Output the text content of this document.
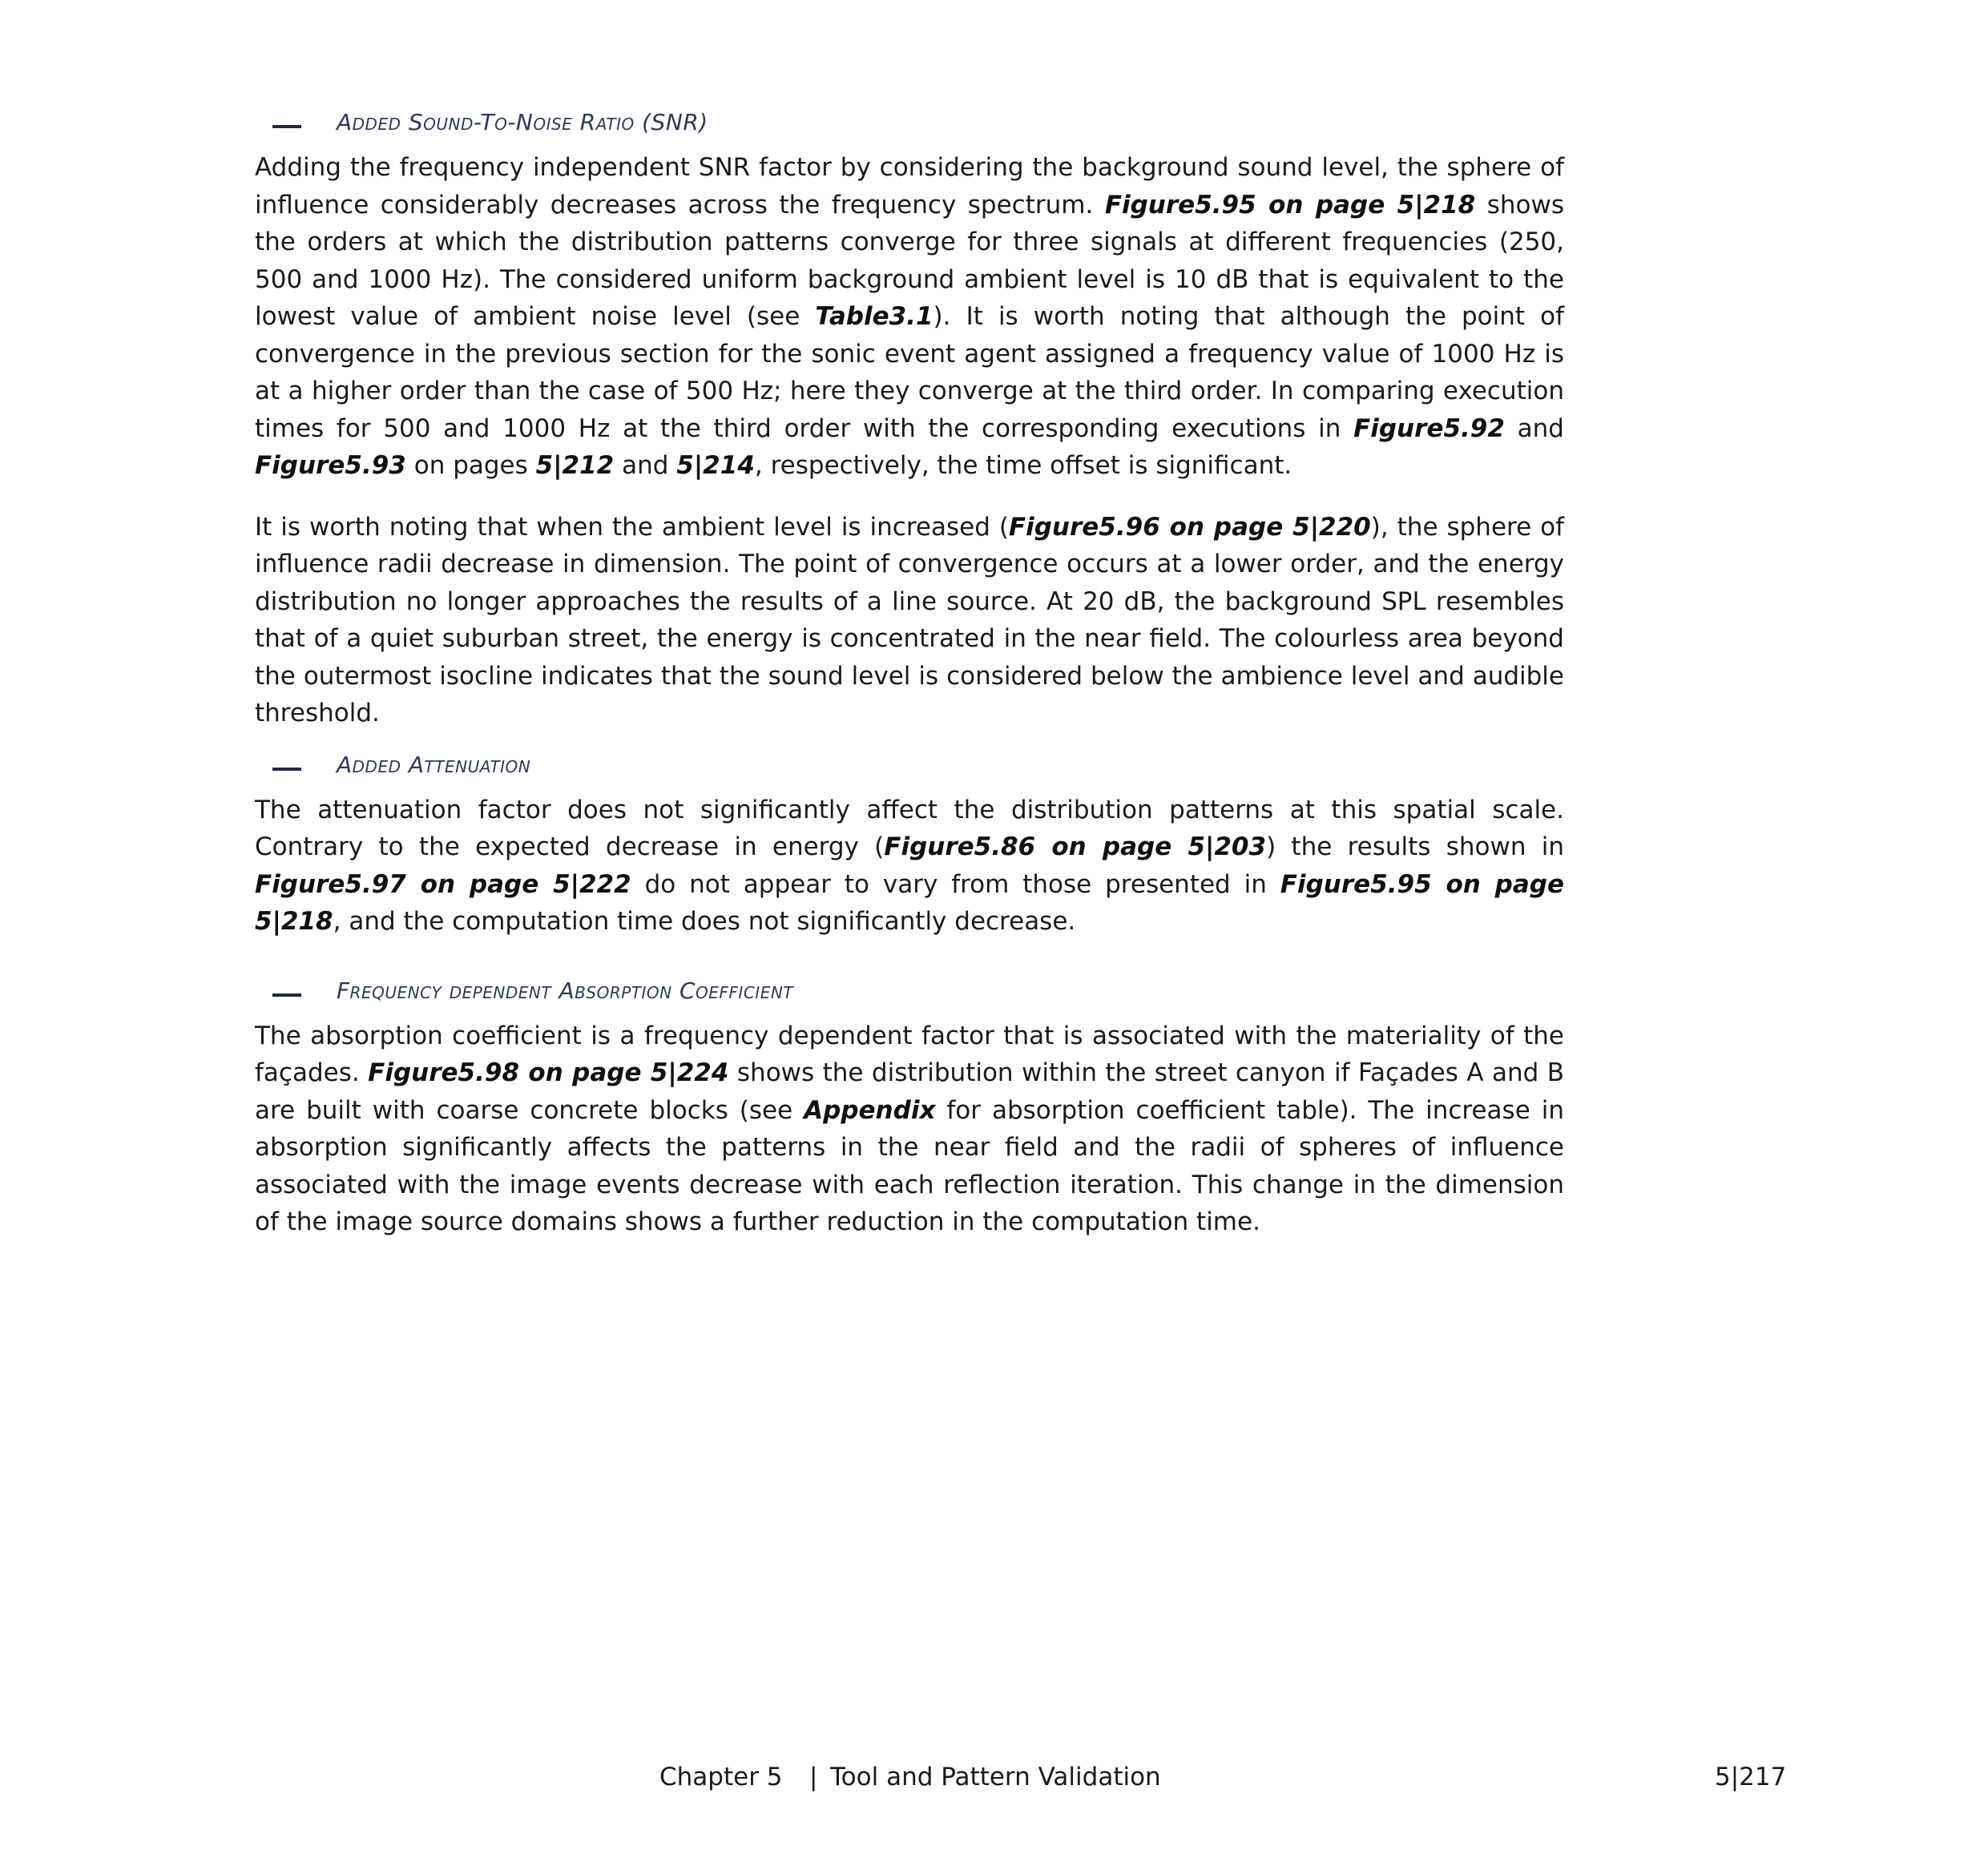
Added Sound-To-Noise Ratio (SNR)

Adding the frequency independent SNR factor by considering the background sound level, the sphere of influence considerably decreases across the frequency spectrum. Figure5.95 on page 5|218 shows the orders at which the distribution patterns converge for three signals at different frequencies (250, 500 and 1000 Hz). The considered uniform background ambient level is 10 dB that is equivalent to the lowest value of ambient noise level (see Table3.1). It is worth noting that although the point of convergence in the previous section for the sonic event agent assigned a frequency value of 1000 Hz is at a higher order than the case of 500 Hz; here they converge at the third order. In comparing execution times for 500 and 1000 Hz at the third order with the corresponding executions in Figure5.92 and Figure5.93 on pages 5|212 and 5|214, respectively, the time offset is significant.

It is worth noting that when the ambient level is increased (Figure5.96 on page 5|220), the sphere of influence radii decrease in dimension. The point of convergence occurs at a lower order, and the energy distribution no longer approaches the results of a line source. At 20 dB, the background SPL resembles that of a quiet suburban street, the energy is concentrated in the near field. The colourless area beyond the outermost isocline indicates that the sound level is considered below the ambience level and audible threshold.

Added Attenuation

The attenuation factor does not significantly affect the distribution patterns at this spatial scale. Contrary to the expected decrease in energy (Figure5.86 on page 5|203) the results shown in Figure5.97 on page 5|222 do not appear to vary from those presented in Figure5.95 on page 5|218, and the computation time does not significantly decrease.

Frequency dependent Absorption Coefficient

The absorption coefficient is a frequency dependent factor that is associated with the materiality of the façades. Figure5.98 on page 5|224 shows the distribution within the street canyon if Façades A and B are built with coarse concrete blocks (see Appendix for absorption coefficient table). The increase in absorption significantly affects the patterns in the near field and the radii of spheres of influence associated with the image events decrease with each reflection iteration. This change in the dimension of the image source domains shows a further reduction in the computation time.

Chapter 5 | Tool and Pattern Validation	5|217
